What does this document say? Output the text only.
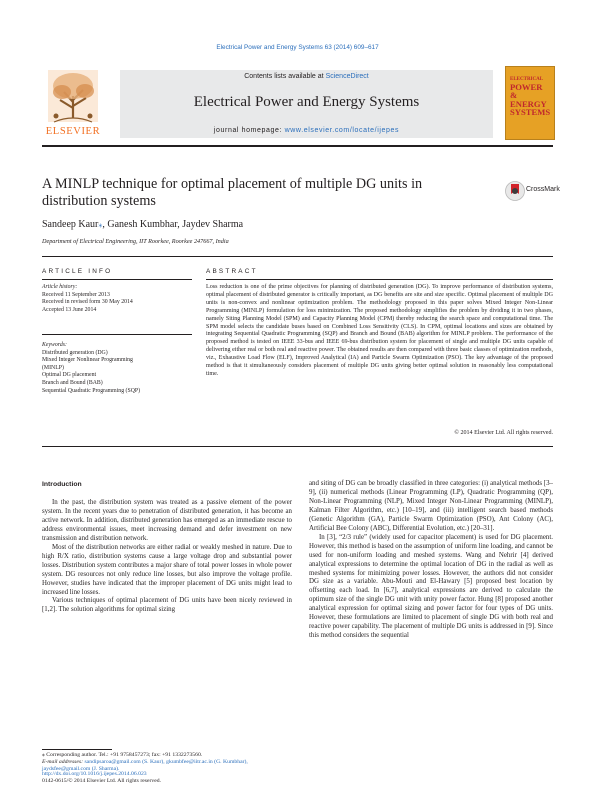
Electrical Power and Energy Systems 63 (2014) 609–617
Contents lists available at ScienceDirect
Electrical Power and Energy Systems
journal homepage: www.elsevier.com/locate/ijepes
ELSEVIER
ELECTRICAL
POWER
&
ENERGY
SYSTEMS
A MINLP technique for optimal placement of multiple DG units in distribution systems
CrossMark
Sandeep Kaur⁎, Ganesh Kumbhar, Jaydev Sharma
Department of Electrical Engineering, IIT Roorkee, Roorkee 247667, India
ARTICLE INFO	ABSTRACT
Article history:
Received 11 September 2013
Received in revised form 30 May 2014
Accepted 13 June 2014
Keywords:
Distributed generation (DG)
Mixed Integer Nonlinear Programming
(MINLP)
Optimal DG placement
Branch and Bound (BAB)
Sequential Quadratic Programming (SQP)
Loss reduction is one of the prime objectives for planning of distributed generation (DG). To improve performance of distribution systems, optimal placement of distributed generator is critically important, as DG benefits are site and size specific. Optimal placement of multiple DG units is non-convex and nonlinear optimization problem. The methodology proposed in this paper solves Mixed Integer Non-Linear Programming (MINLP) formulation for loss minimization. The proposed methodology simplifies the problem by dividing it in two phases, namely Siting Planning Model (SPM) and Capacity Planning Model (CPM) thereby reducing the search space and computational time. The SPM model selects the candidate buses based on Combined Loss Sensitivity (CLS). In CPM, optimal locations and sizes are obtained by integrating Sequential Quadratic Programming (SQP) and Branch and Bound (BAB) algorithm for MINLP problem. The performance of the proposed method is tested on IEEE 33-bus and IEEE 69-bus distribution system for placement of single and multiple DG units capable of delivering either real or both real and reactive power. The obtained results are then compared with three basic classes of optimization methods, viz., Exhaustive Load Flow (ELF), Improved Analytical (IA) and Particle Swarm Optimization (PSO). The key advantage of the proposed method is that it simultaneously considers placement of multiple DG units giving better optimal solution in reasonably less computational time.
© 2014 Elsevier Ltd. All rights reserved.
Introduction

In the past, the distribution system was treated as a passive element of the power system. In the recent years due to penetration of distributed generation, it has become an active network. In addition, distributed generation has emerged as an immediate rescue to address environmental issues, meet increasing demand and defer investment on new transmission and distribution network.

Most of the distribution networks are either radial or weakly meshed in nature. Due to high R/X ratio, distribution systems cause a large voltage drop and substantial power losses. Distribution system contributes a major share of total power losses in whole power system. DG resources not only reduce line losses, but also improve the voltage profile. However, studies have indicated that the improper placement of DG units might lead to increased line losses.

Various techniques of optimal placement of DG units have been nicely reviewed in [1,2]. The solution algorithms for optimal sizing

and siting of DG can be broadly classified in three categories: (i) analytical methods [3–9], (ii) numerical methods (Linear Programming (LP), Quadratic Programming (QP), Non-Linear Programming (NLP), Mixed Integer Non-Linear Programming (MINLP), Kalman Filter Algorithm, etc.) [10–19], and (iii) intelligent search based methods (Genetic Algorithm (GA), Particle Swarm Optimization (PSO), Ant Colony (AC), Artificial Bee Colony (ABC), Differential Evolution, etc.) [20–31].

In [3], “2/3 rule” (widely used for capacitor placement) is used for DG placement. However, this method is based on the assumption of uniform line loading, and cannot be used for non-uniform loading and meshed systems. Wang and Nehrir [4] derived analytical expressions to determine the optimal location of DG in the radial as well as meshed systems for minimizing power losses. However, the authors did not consider DG size as a variable. Abu-Mouti and El-Hawary [5] proposed best location by offsetting each load. In [6,7], analytical expressions are derived to calculate the optimum size of the single DG unit with unity power factor. Hung [8] proposed another analytical expression for optimal sizing and power factor for four types of DG units. However, these formulations are limited to placement of single DG with both real and reactive power capability. The placement of multiple DG units is addressed in [9]. Since this method considers the sequential

⁎ Corresponding author. Tel.: +91 9758457273; fax: +91 1332273560.
E-mail addresses: sandipsaroa@gmail.com (S. Kaur), gkumbfee@iitr.ac.in (G. Kumbhar), jaydsfee@gmail.com (J. Sharma).
http://dx.doi.org/10.1016/j.ijepes.2014.06.023
0142-0615/© 2014 Elsevier Ltd. All rights reserved.
